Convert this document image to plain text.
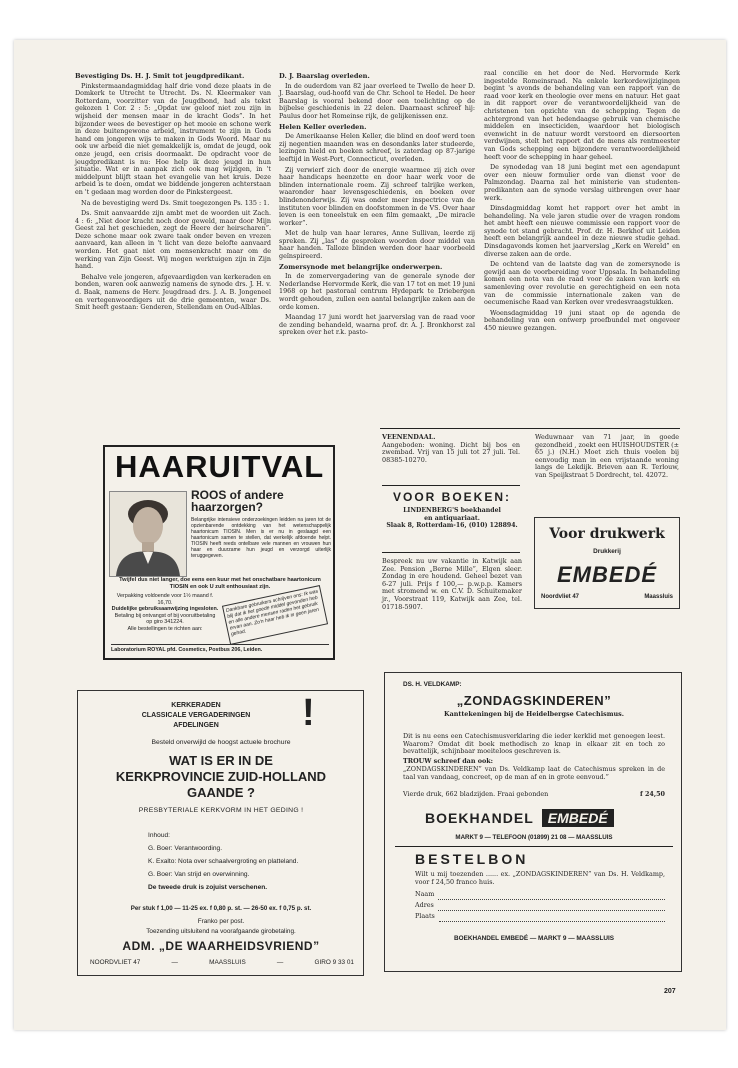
Bevestiging Ds. H. J. Smit tot jeugdpredikant.

Pinkstermaandagmiddag half drie vond deze plaats in de Domkerk te Utrecht te Utrecht. Ds. N. Kleermaker van Rotterdam, voorzitter van de Jeugdbond, had als tekst gekozen 1 Cor. 2 : 5: „Opdat uw geloof niet zou zijn in wijsheid der mensen maar in de kracht Gods”. In het bijzonder wees de bevestiger op het mooie en schone werk in deze buitengewone arbeid, instrument te zijn in Gods hand om jongeren wijs te maken in Gods Woord. Maar nu ook uw arbeid die niet gemakkelijk is, omdat de jeugd, ook onze jeugd, een crisis doormaakt. De opdracht voor de jeugdpredikant is nu: Hoe help ik deze jeugd in hun situatie. Wat er in aanpak zich ook mag wijzigen, in 't middelpunt blijft staan het evangelie van het kruis. Deze arbeid is te doen, omdat we biddende jongeren achterstaan en 't gedaan mag worden door de Pinkstergeest.

Na de bevestiging werd Ds. Smit toegezongen Ps. 135 : 1.

Ds. Smit aanvaardde zijn ambt met de woorden uit Zach. 4 : 6: „Niet door kracht noch door geweld, maar door Mijn Geest zal het geschieden, zegt de Heere der heirscharen”. Deze schone maar ook zware taak onder beven en vrezen aanvaard, kan alleen in 't licht van deze belofte aanvaard worden. Het gaat niet om mensenkracht maar om de werking van Zijn Geest. Wij mogen werktuigen zijn in Zijn hand.

Behalve vele jongeren, afgevaardigden van kerkeraden en bonden, waren ook aanwezig namens de synode drs. J. H. v. d. Baak, namens de Herv. Jeugdraad drs. J. A. B. Jongeneel en vertegenwoordigers uit de drie gemeenten, waar Ds. Smit heeft gestaan: Genderen, Stellendam en Oud-Alblas.

D. J. Baarslag overleden.

In de ouderdom van 82 jaar overleed te Twello de heer D. J. Baarslag, oud-hoofd van de Chr. School te Hedel. De heer Baarslag is vooral bekend door een toelichting op de bijbelse geschiedenis in 22 delen. Daarnaast schreef hij: Paulus door het Romeinse rijk, de gelijkenissen enz.

Helen Keller overleden.

De Amerikaanse Helen Keller, die blind en doof werd toen zij negentien maanden was en desondanks later studeerde, lezingen hield en boeken schreef, is zaterdag op 87-jarige leeftijd in West-Port, Connecticut, overleden.

Zij verwierf zich door de energie waarmee zij zich over haar handicaps heenzette en door haar werk voor de blinden internationale roem. Zij schreef talrijke werken, waaronder haar levensgeschiedenis, en boeken over blindenonderwijs. Zij was onder meer inspectrice van de instituten voor blinden en doofstommen in de VS. Over haar leven is een toneelstuk en een film gemaakt, „De miracle worker”.

Met de hulp van haar lerares, Anne Sullivan, leerde zij spreken. Zij „las” de gesproken woorden door middel van haar handen. Talloze blinden werden door haar voorbeeld geïnspireerd.

Zomersynode met belangrijke onderwerpen.

In de zomervergadering van de generale synode der Nederlandse Hervormde Kerk, die van 17 tot en met 19 juni 1968 op het pastoraal centrum Hydepark te Driebergen wordt gehouden, zullen een aantal belangrijke zaken aan de orde komen.

Maandag 17 juni wordt het jaarverslag van de raad voor de zending behandeld, waarna prof. dr. A. J. Bronkhorst zal spreken over het r.k. pasto-

raal concilie en het door de Ned. Hervormde Kerk ingestelde Romeinsraad. Na enkele kerkordewijzigingen begint 's avonds de behandeling van een rapport van de raad voor kerk en theologie over mens en natuur. Het gaat in dit rapport over de verantwoordelijkheid van de christenen ten opzichte van de schepping. Tegen de achtergrond van het hedendaagse gebruik van chemische middelen en insecticiden, waardoor het biologisch evenwicht in de natuur wordt verstoord en diersoorten verdwijnen, stelt het rapport dat de mens als rentmeester van Gods schepping een bijzondere verantwoordelijkheid heeft voor de schepping in haar geheel.

De synodedag van 18 juni begint met een agendapunt over een nieuw formulier orde van dienst voor de Palmzondag. Daarna zal het ministerie van studenten-predikanten aan de synode verslag uitbrengen over haar werk.

Dinsdagmiddag komt het rapport over het ambt in behandeling. Na vele jaren studie over de vragen rondom het ambt heeft een nieuwe commissie een rapport voor de synode tot stand gebracht. Prof. dr. H. Berkhof uit Leiden heeft een belangrijk aandeel in deze nieuwe studie gehad. Dinsdagavonds komen het jaarverslag „Kerk en Wereld” en diverse zaken aan de orde.

De ochtend van de laatste dag van de zomersynode is gewijd aan de voorbereiding voor Uppsala. In behandeling komen een nota van de raad voor de zaken van kerk en samenleving over revolutie en gerechtigheid en een nota van de commissie internationale zaken van de oecumenische Raad van Kerken over vredesvraagstukken.

Woensdagmiddag 19 juni staat op de agenda de behandeling van een ontwerp proefbundel met ongeveer 450 nieuwe gezangen.

HAARUITVAL
ROOS of andere haarzorgen?
Belangrijke intensieve onderzoekingen leidden na jaren tot de opzienbarende ontdekking van het wetenschappelijk haartonicum TIOSIN. Men is er nu in geslaagd een haartonicum samen te stellen, dat werkelijk afdoende helpt. TIOSIN heeft reeds ontelbare vele mannen en vrouwen hun haar en duurzame hun jeugd en verzorgd uiterlijk teruggegeven.
Twijfel dus niet langer, doe eens een kuur met het onschatbare haartonicum TIOSIN en ook U zult enthousiast zijn.
Verpakking voldoende voor 1½ maand f. 16,70.
Duidelijke gebruiksaanwijzing ingesloten.
Betaling bij ontvangst of bij vooruitbetaling op giro 341224.
Alle bestellingen te richten aan:
Dankbare gebruikers schrijven ons: Ik was blij dat ik het goede middel gevonden heb en alle andere mensen raden het gebruik ervan aan. Zo'n haar heb ik in geen jaren gehad.
Laboratorium ROYAL pfd. Cosmetics, Postbus 206, Leiden.
KERKERADEN
CLASSICALE VERGADERINGEN
AFDELINGEN	!
Besteld onverwijld de hoogst actuele brochure
WAT IS ER IN DE
KERKPROVINCIE ZUID-HOLLAND
GAANDE ?
PRESBYTERIALE KERKVORM IN HET GEDING !
Inhoud:
G. Boer: Verantwoording.
K. Exalto: Nota over schaalvergroting en platteland.
G. Boer: Van strijd en overwinning.
De tweede druk is zojuist verschenen.
Per stuk f 1,00 — 11-25 ex. f 0,80 p. st. — 26-50 ex. f 0,75 p. st.
Franko per post.
Toezending uitsluitend na voorafgaande girobetaling.
ADM. „DE WAARHEIDSVRIEND”
NOORDVLIET 47	—	MAASSLUIS	—	GIRO 9 33 01
VEENENDAAL.
Aangeboden: woning. Dicht bij bos en zwembad. Vrij van 15 juli tot 27 juli. Tel. 08385-10270.
VOOR BOEKEN:
LINDENBERG'S boekhandel
en antiquariaat.
Slaak 8, Rotterdam-16, (010) 128894.
Bespreek nu uw vakantie in Katwijk aan Zee. Pension „Berne Mille”, Elgen sleer. Zondag in ere houdend. Geheel bezet van 6-27 juli. Prijs f 100,— p.w.p.p. Kamers met stromend w. en C.V. D. Schuitemaker jr., Voorstraat 119, Katwijk aan Zee, tel. 01718-5907.
Weduwnaar van 71 jaar, in goede gezondheid , zoekt een HUISHOUDSTER (± 65 j.) (N.H.) Moet zich thuis voelen bij eenvoudig man in een vrijstaande woning langs de Lekdijk. Brieven aan R. Terlouw, van Speijkstraat 5 Dordrecht, tel. 42072.
Voor drukwerk
Drukkerij
EMBEDÉ
Noordvliet 47	Maassluis
DS. H. VELDKAMP:
„ZONDAGSKINDEREN”
Kanttekeningen bij de Heidelbergse Catechismus.
Dit is nu eens een Catechismusverklaring die ieder kerklid met genoegen leest. Waarom? Omdat dit boek methodisch zo knap in elkaar zit en toch zo bevattelijk, schijnbaar moeiteloos geschreven is.
TROUW schreef dan ook:
„ZONDAGSKINDEREN” van Ds. Veldkamp laat de Catechismus spreken in de taal van vandaag, concreet, op de man af en in grote eenvoud.”
Vierde druk, 662 bladzijden. Fraai gebonden	f 24,50
BOEKHANDEL	EMBEDÉ
MARKT 9 — TELEFOON (01899) 21 08 — MAASSLUIS
BESTELBON
Wilt u mij toezenden ...... ex. „ZONDAGSKINDEREN” van Ds. H. Veldkamp, voor f 24,50 franco huis.
Naam
Adres
Plaats
BOEKHANDEL EMBEDÉ — MARKT 9 — MAASSLUIS
207
